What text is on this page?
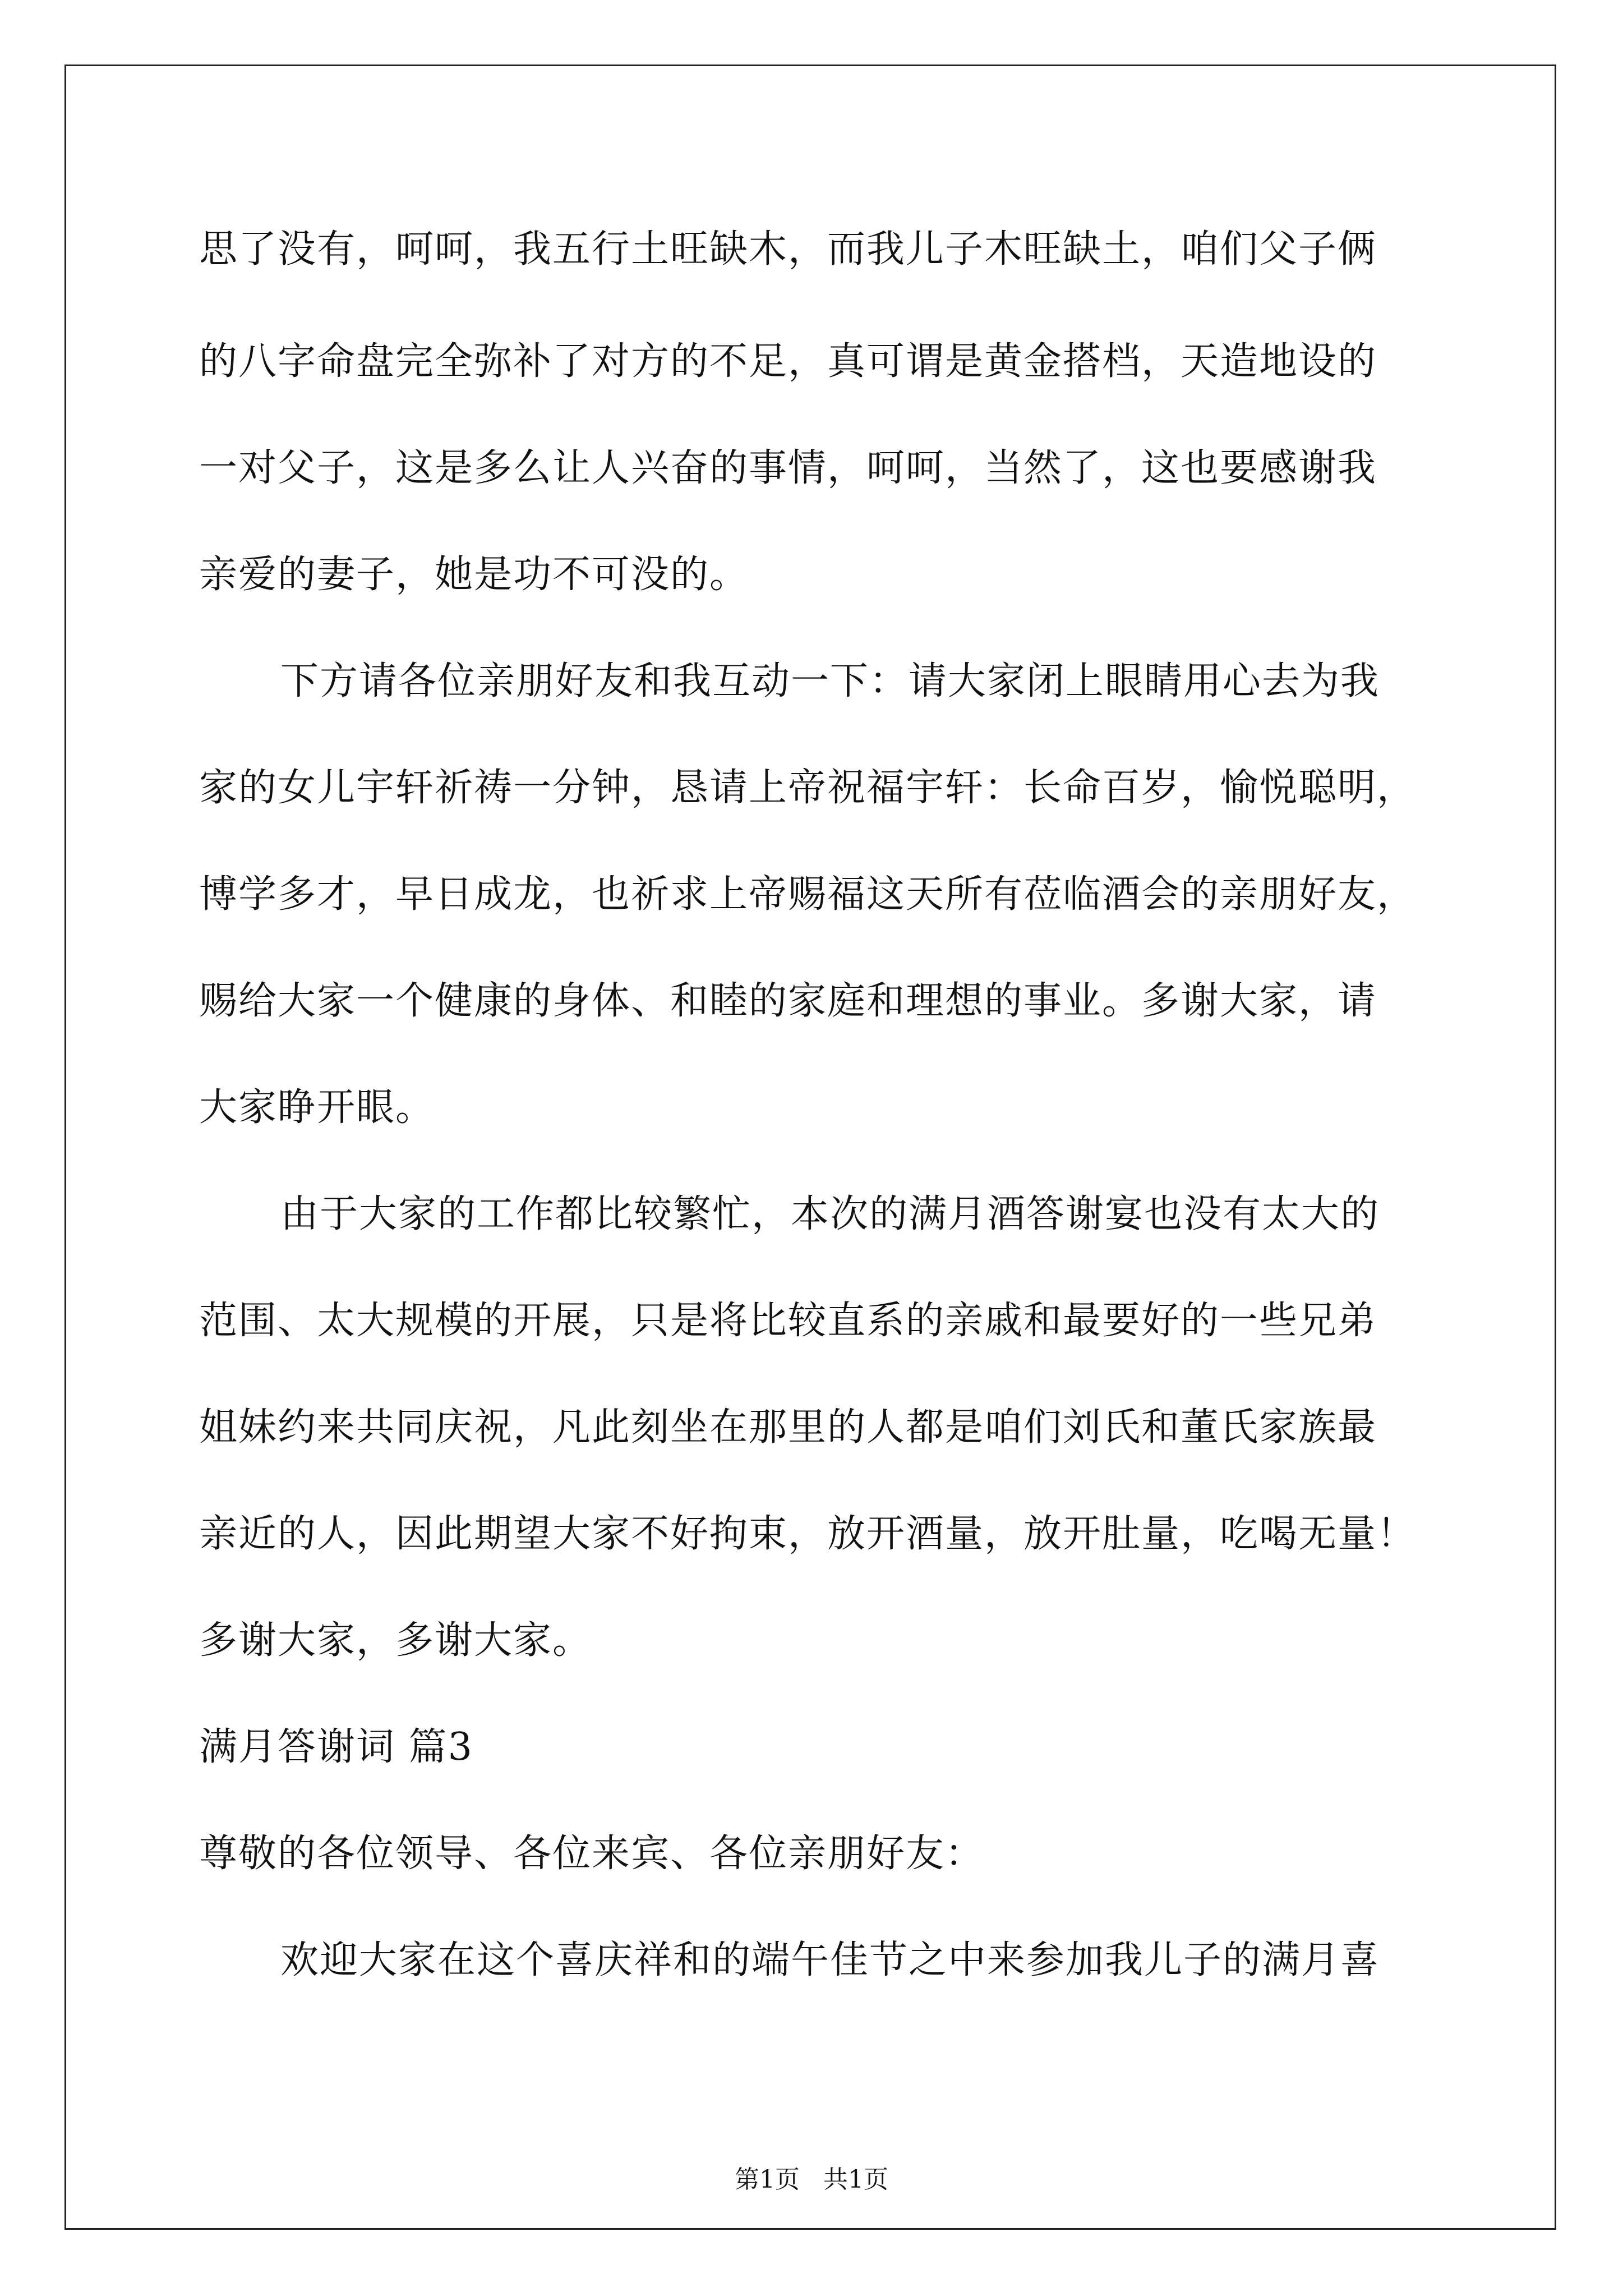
思了没有，呵呵，我五行土旺缺木，而我儿子木旺缺土，咱们父子俩
的八字命盘完全弥补了对方的不足，真可谓是黄金搭档，天造地设的
一对父子，这是多么让人兴奋的事情，呵呵，当然了，这也要感谢我
亲爱的妻子，她是功不可没的。
下方请各位亲朋好友和我互动一下：请大家闭上眼睛用心去为我
家的女儿宇轩祈祷一分钟，恳请上帝祝福宇轩：长命百岁，愉悦聪明，
博学多才，早日成龙，也祈求上帝赐福这天所有莅临酒会的亲朋好友，
赐给大家一个健康的身体、和睦的家庭和理想的事业。多谢大家，请
大家睁开眼。
由于大家的工作都比较繁忙，本次的满月酒答谢宴也没有太大的
范围、太大规模的开展，只是将比较直系的亲戚和最要好的一些兄弟
姐妹约来共同庆祝，凡此刻坐在那里的人都是咱们刘氏和董氏家族最
亲近的人，因此期望大家不好拘束，放开酒量，放开肚量，吃喝无量！
多谢大家，多谢大家。
满月答谢词 篇3
尊敬的各位领导、各位来宾、各位亲朋好友：
欢迎大家在这个喜庆祥和的端午佳节之中来参加我儿子的满月喜
第1页   共1页
